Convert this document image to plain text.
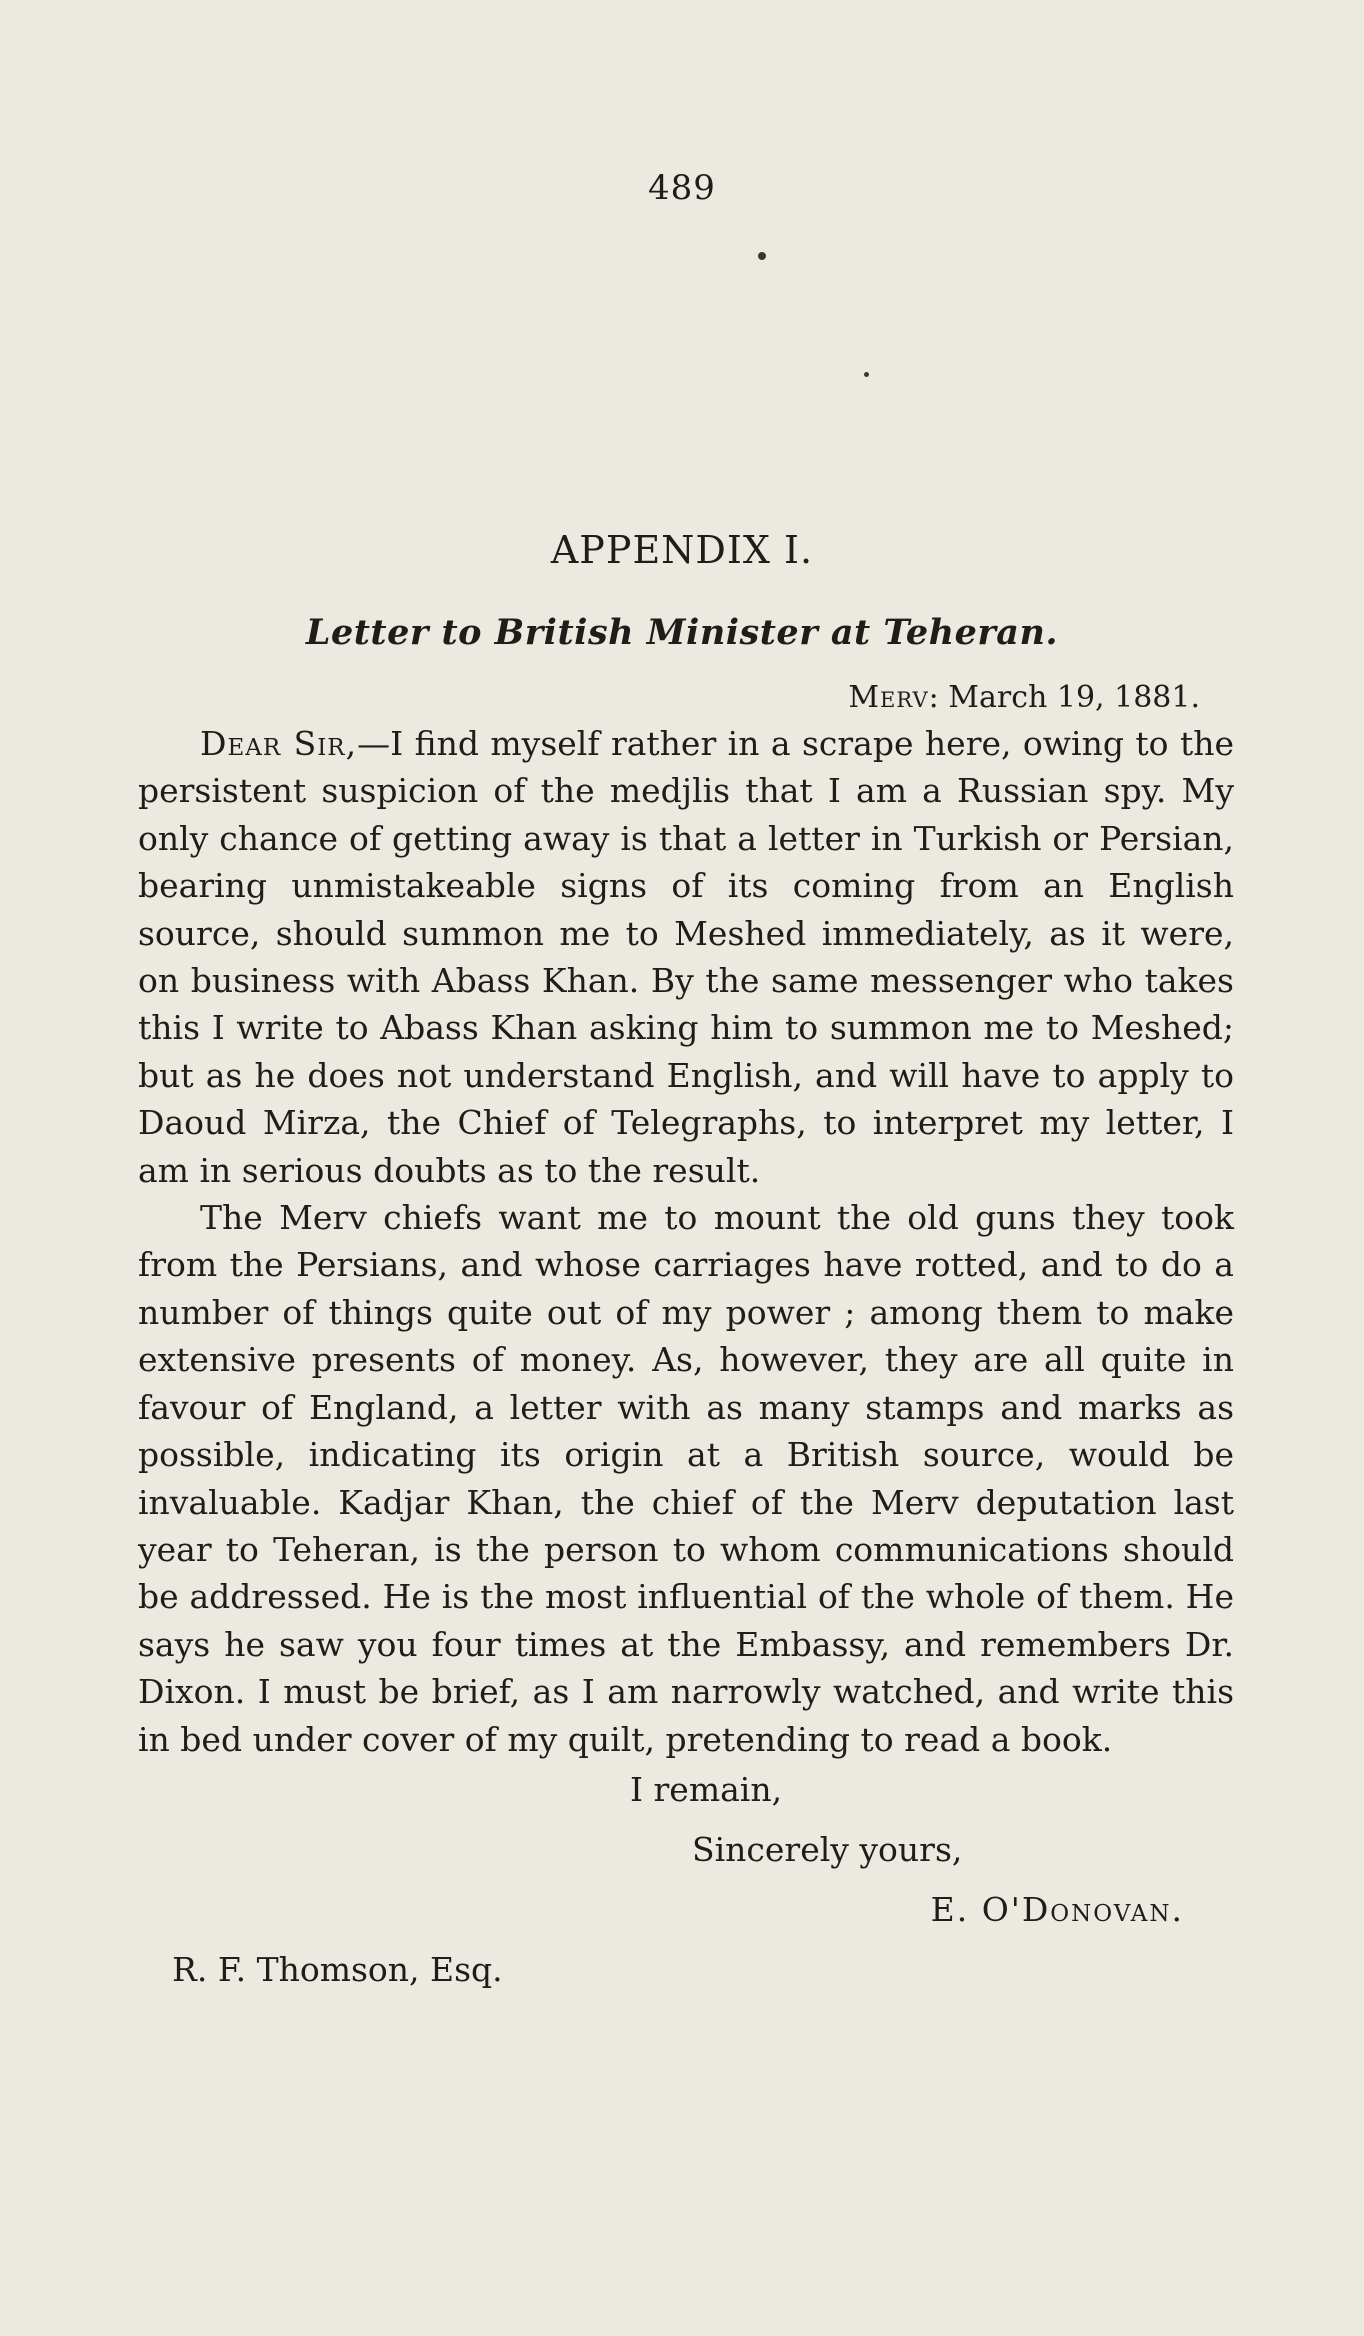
489
APPENDIX I.
Letter to British Minister at Teheran.
Merv: March 19, 1881.

Dear Sir,—I find myself rather in a scrape here, owing to the persistent suspicion of the medjlis that I am a Russian spy. My only chance of getting away is that a letter in Turkish or Persian, bearing unmistakeable signs of its coming from an English source, should summon me to Meshed immediately, as it were, on business with Abass Khan. By the same messenger who takes this I write to Abass Khan asking him to summon me to Meshed; but as he does not understand English, and will have to apply to Daoud Mirza, the Chief of Telegraphs, to interpret my letter, I am in serious doubts as to the result.

The Merv chiefs want me to mount the old guns they took from the Persians, and whose carriages have rotted, and to do a number of things quite out of my power ; among them to make extensive presents of money. As, however, they are all quite in favour of England, a letter with as many stamps and marks as possible, indicating its origin at a British source, would be invaluable. Kadjar Khan, the chief of the Merv deputation last year to Teheran, is the person to whom communications should be addressed. He is the most influential of the whole of them. He says he saw you four times at the Embassy, and remembers Dr. Dixon. I must be brief, as I am narrowly watched, and write this in bed under cover of my quilt, pretending to read a book.

I remain,
Sincerely yours,
E. O'Donovan.
R. F. Thomson, Esq.
